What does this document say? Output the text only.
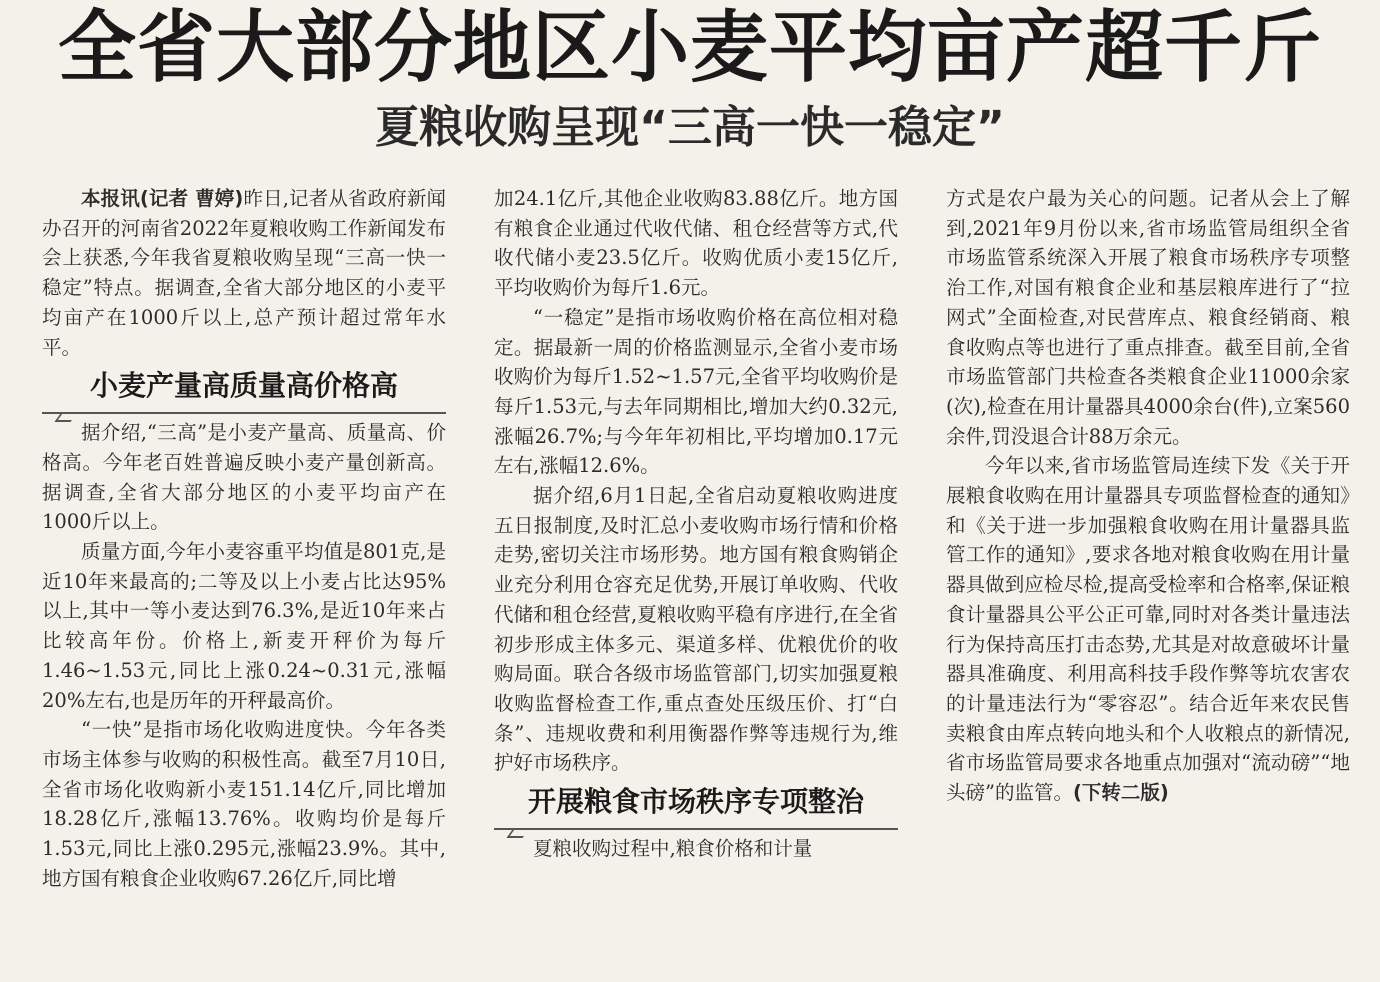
全省大部分地区小麦平均亩产超千斤
夏粮收购呈现“三高一快一稳定”

本报讯(记者 曹婷)昨日,记者从省政府新闻办召开的河南省2022年夏粮收购工作新闻发布会上获悉,今年我省夏粮收购呈现“三高一快一稳定”特点。据调查,全省大部分地区的小麦平均亩产在1000斤以上,总产预计超过常年水平。

小麦产量高质量高价格高

据介绍,“三高”是小麦产量高、质量高、价格高。今年老百姓普遍反映小麦产量创新高。据调查,全省大部分地区的小麦平均亩产在1000斤以上。

质量方面,今年小麦容重平均值是801克,是近10年来最高的;二等及以上小麦占比达95%以上,其中一等小麦达到76.3%,是近10年来占比较高年份。价格上,新麦开秤价为每斤1.46~1.53元,同比上涨0.24~0.31元,涨幅20%左右,也是历年的开秤最高价。

“一快”是指市场化收购进度快。今年各类市场主体参与收购的积极性高。截至7月10日,全省市场化收购新小麦151.14亿斤,同比增加18.28亿斤,涨幅13.76%。收购均价是每斤1.53元,同比上涨0.295元,涨幅23.9%。其中,地方国有粮食企业收购67.26亿斤,同比增

加24.1亿斤,其他企业收购83.88亿斤。地方国有粮食企业通过代收代储、租仓经营等方式,代收代储小麦23.5亿斤。收购优质小麦15亿斤,平均收购价为每斤1.6元。

“一稳定”是指市场收购价格在高位相对稳定。据最新一周的价格监测显示,全省小麦市场收购价为每斤1.52~1.57元,全省平均收购价是每斤1.53元,与去年同期相比,增加大约0.32元,涨幅26.7%;与今年年初相比,平均增加0.17元左右,涨幅12.6%。

据介绍,6月1日起,全省启动夏粮收购进度五日报制度,及时汇总小麦收购市场行情和价格走势,密切关注市场形势。地方国有粮食购销企业充分利用仓容充足优势,开展订单收购、代收代储和租仓经营,夏粮收购平稳有序进行,在全省初步形成主体多元、渠道多样、优粮优价的收购局面。联合各级市场监管部门,切实加强夏粮收购监督检查工作,重点查处压级压价、打“白条”、违规收费和利用衡器作弊等违规行为,维护好市场秩序。

开展粮食市场秩序专项整治

夏粮收购过程中,粮食价格和计量

方式是农户最为关心的问题。记者从会上了解到,2021年9月份以来,省市场监管局组织全省市场监管系统深入开展了粮食市场秩序专项整治工作,对国有粮食企业和基层粮库进行了“拉网式”全面检查,对民营库点、粮食经销商、粮食收购点等也进行了重点排查。截至目前,全省市场监管部门共检查各类粮食企业11000余家(次),检查在用计量器具4000余台(件),立案560余件,罚没退合计88万余元。

今年以来,省市场监管局连续下发《关于开展粮食收购在用计量器具专项监督检查的通知》和《关于进一步加强粮食收购在用计量器具监管工作的通知》,要求各地对粮食收购在用计量器具做到应检尽检,提高受检率和合格率,保证粮食计量器具公平公正可靠,同时对各类计量违法行为保持高压打击态势,尤其是对故意破坏计量器具准确度、利用高科技手段作弊等坑农害农的计量违法行为“零容忍”。结合近年来农民售卖粮食由库点转向地头和个人收粮点的新情况,省市场监管局要求各地重点加强对“流动磅”“地头磅”的监管。(下转二版)
